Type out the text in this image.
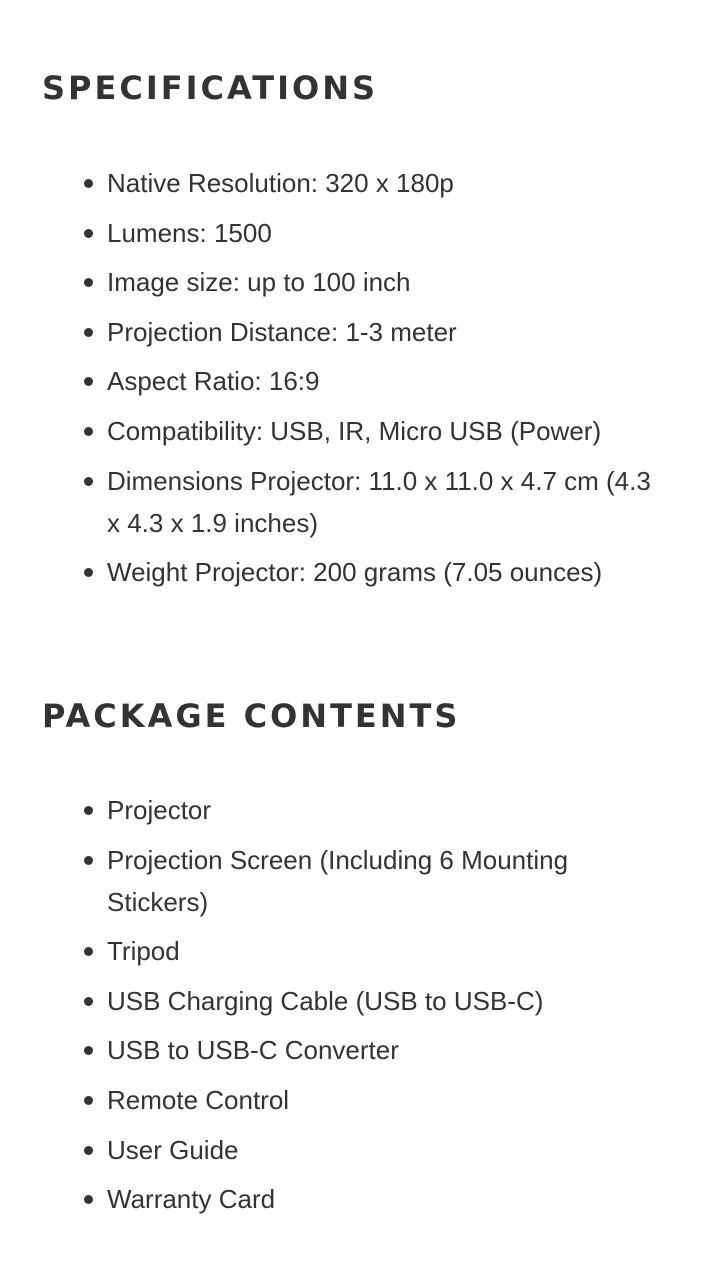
SPECIFICATIONS
Native Resolution: 320 x 180p
Lumens: 1500
Image size: up to 100 inch
Projection Distance: 1-3 meter
Aspect Ratio: 16:9
Compatibility: USB, IR, Micro USB (Power)
Dimensions Projector: 11.0 x 11.0 x 4.7 cm (4.3 x 4.3 x 1.9 inches)
Weight Projector: 200 grams (7.05 ounces)
PACKAGE CONTENTS
Projector
Projection Screen (Including 6 Mounting Stickers)
Tripod
USB Charging Cable (USB to USB-C)
USB to USB-C Converter
Remote Control
User Guide
Warranty Card
